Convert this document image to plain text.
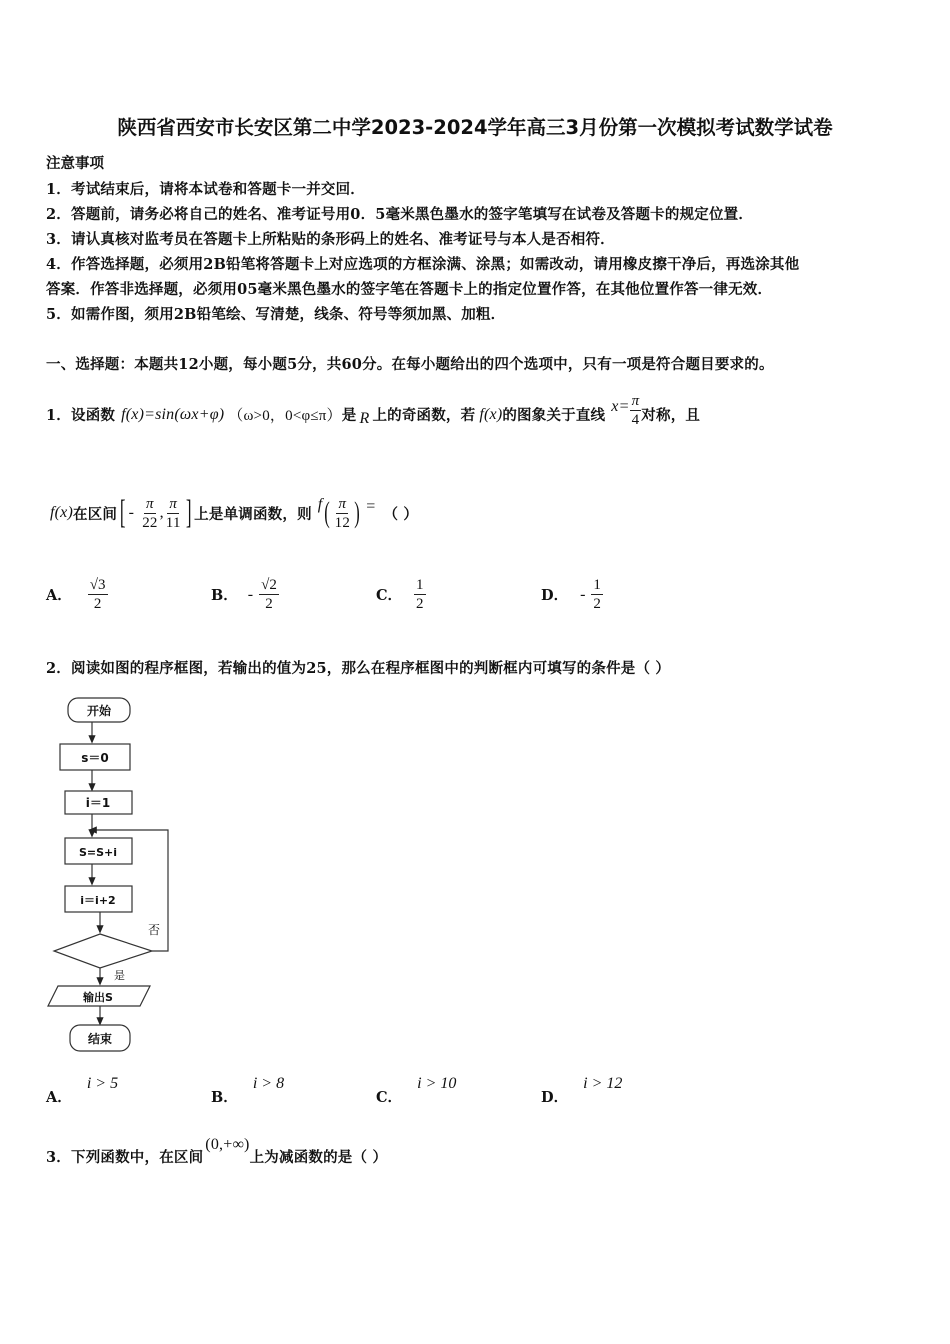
陕西省西安市长安区第二中学2023-2024学年高三3月份第一次模拟考试数学试卷
注意事项
1．考试结束后，请将本试卷和答题卡一并交回．
2．答题前，请务必将自己的姓名、准考证号用0．5毫米黑色墨水的签字笔填写在试卷及答题卡的规定位置．
3．请认真核对监考员在答题卡上所粘贴的条形码上的姓名、准考证号与本人是否相符．
4．作答选择题，必须用2B铅笔将答题卡上对应选项的方框涂满、涂黑；如需改动，请用橡皮擦干净后，再选涂其他
答案．作答非选择题，必须用05毫米黑色墨水的签字笔在答题卡上的指定位置作答，在其他位置作答一律无效．
5．如需作图，须用2B铅笔绘、写清楚，线条、符号等须加黑、加粗．
一、选择题：本题共12小题，每小题5分，共60分。在每小题给出的四个选项中，只有一项是符合题目要求的。
1．设函数 f(x)=sin(ωx+φ) （ω>0，0<φ≤π） 是 R 上的奇函数，若 f(x) 的图象关于直线
$x= \frac{\pi}{4}$ 对称，且
f(x) 在区间 [ - $\frac{\pi}{22}$ , $\frac{\pi}{11}$ ] 上是单调函数，则
f ( $\frac{\pi}{12}$ ) = （ ）
A． $\frac{√3}{2}$	B． - $\frac{√2}{2}$	C． $\frac{1}{2}$	D． - $\frac{1}{2}$
2．阅读如图的程序框图，若输出的值为25，那么在程序框图中的判断框内可填写的条件是（ ）
开始
s＝0
i＝1
S=S+i
i＝i+2
否
是
输出S
结束
A． i > 5
B． i > 8
C． i > 10
D． i > 12
3．下列函数中，在区间
(0,+∞)
上为减函数的是（ ）
